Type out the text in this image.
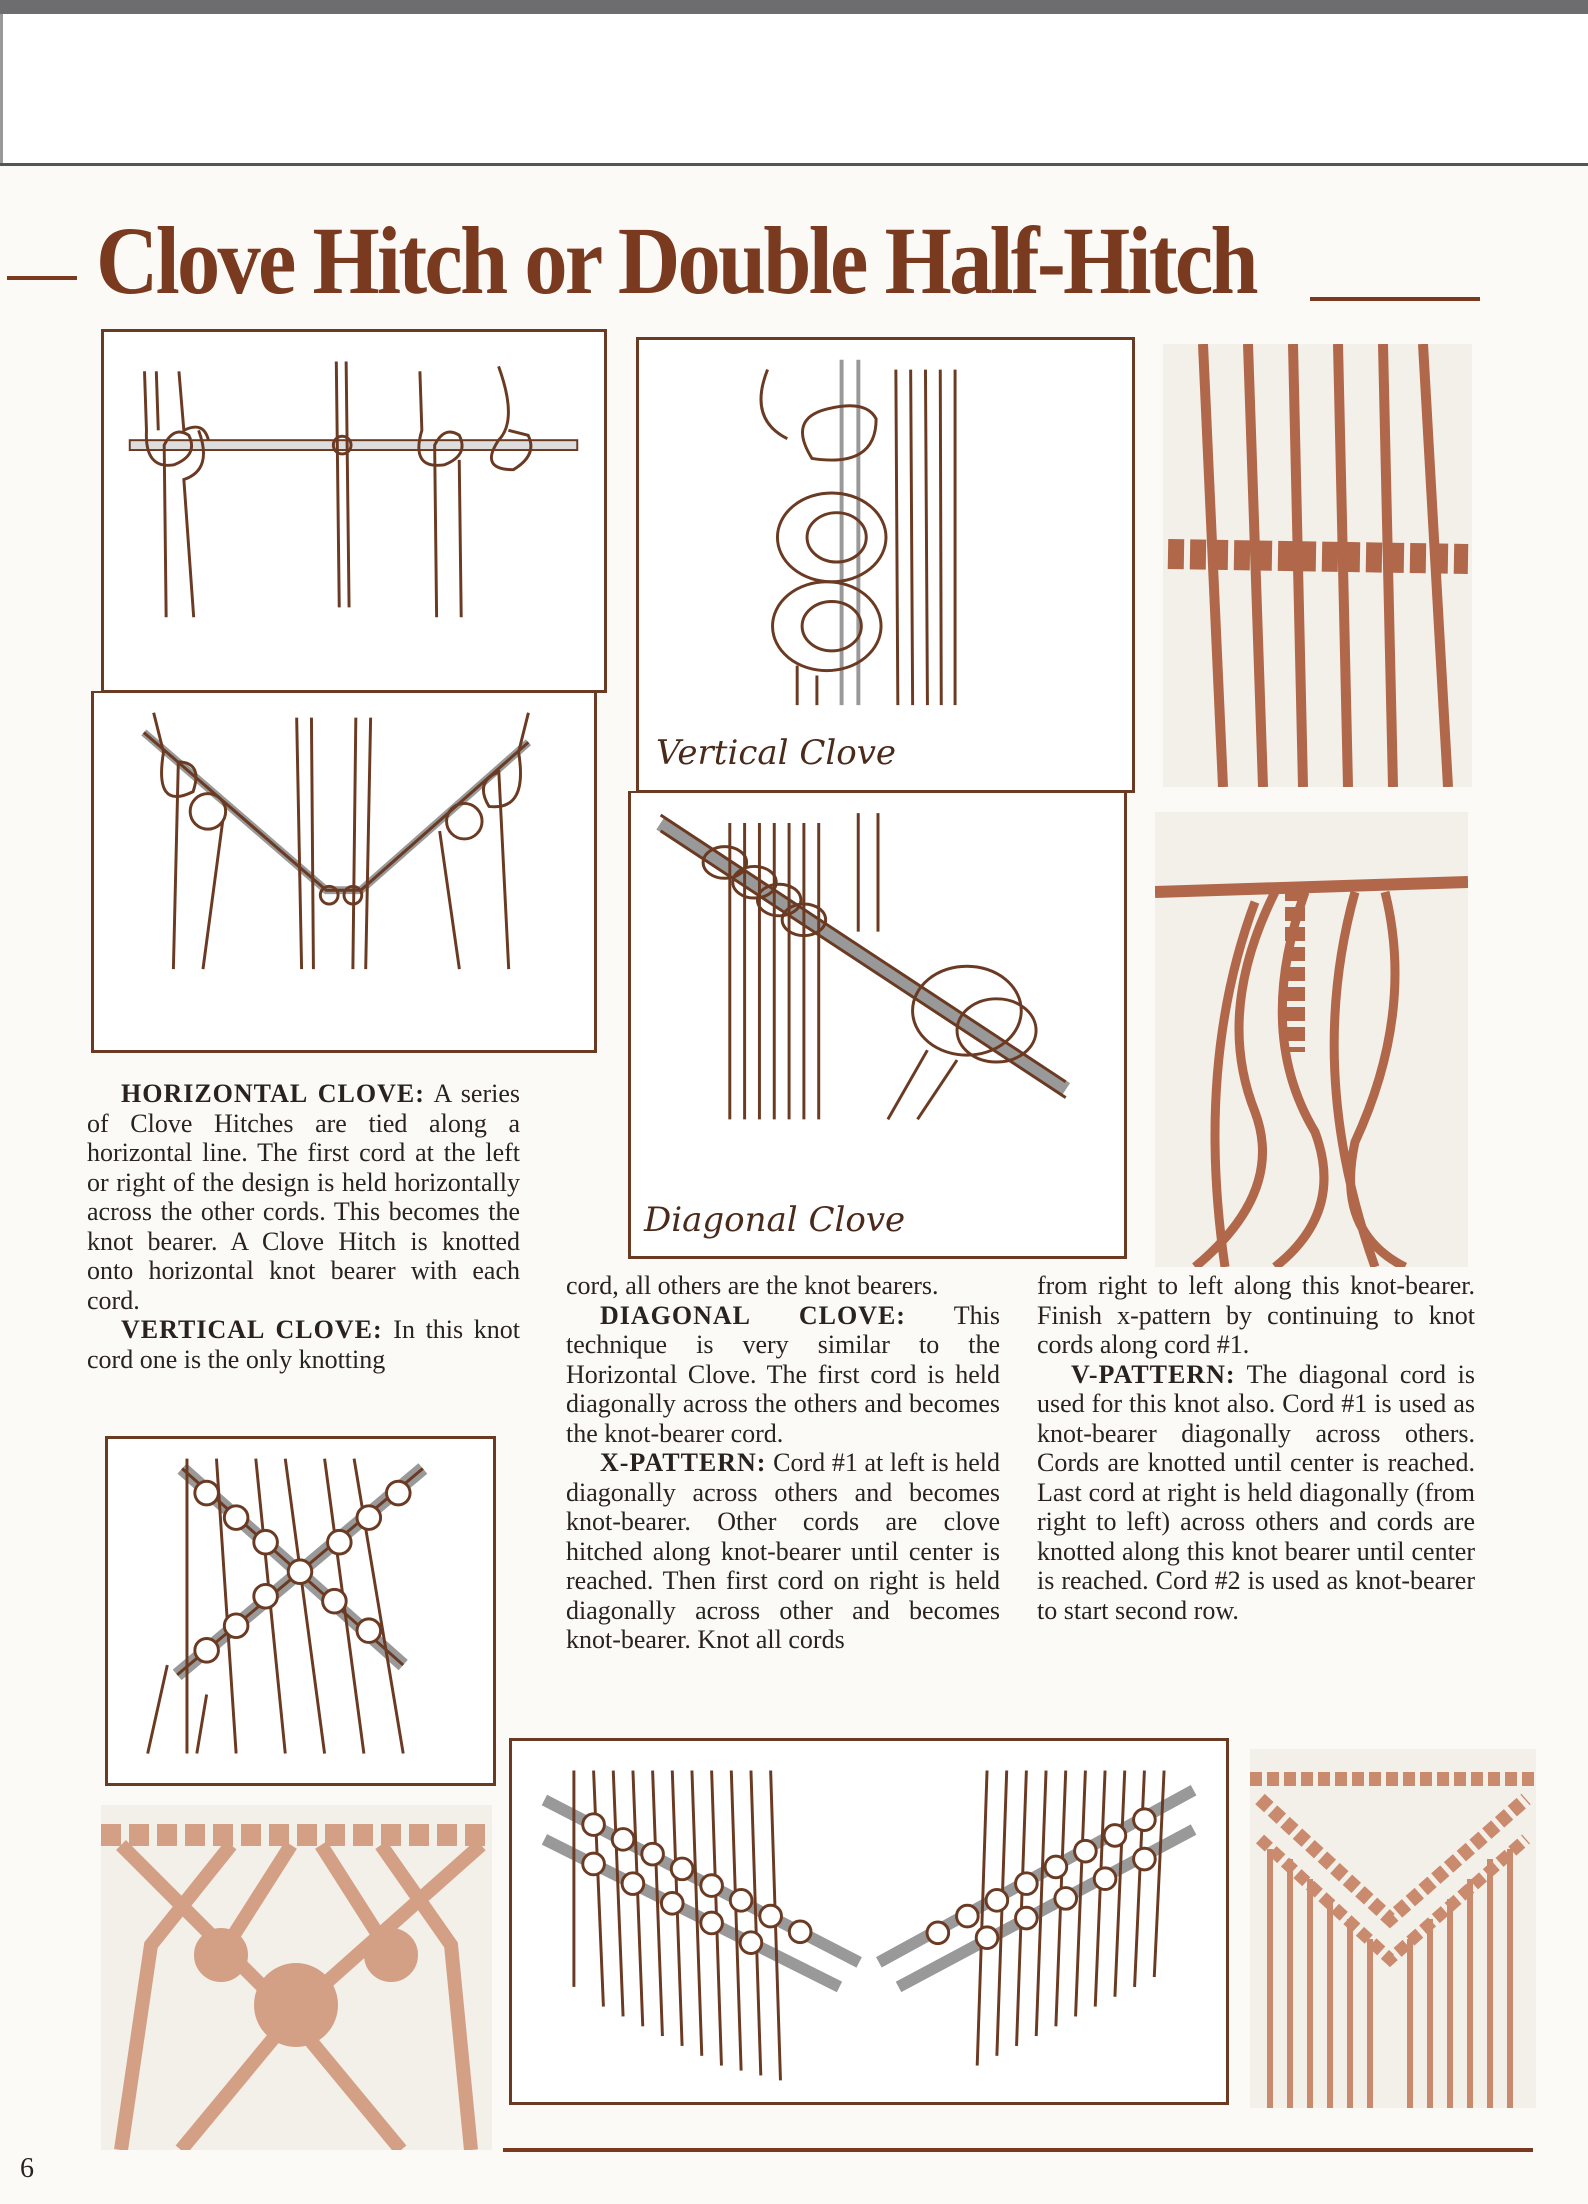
Clove Hitch or Double Half-Hitch
Vertical Clove
Diagonal Clove

HORIZONTAL CLOVE: A series of Clove Hitches are tied along a horizontal line. The first cord at the left or right of the design is held horizontally across the other cords. This becomes the knot bearer. A Clove Hitch is knotted onto horizontal knot bearer with each cord.

VERTICAL CLOVE: In this knot cord one is the only knotting

cord, all others are the knot bearers.

DIAGONAL CLOVE: This technique is very similar to the Horizontal Clove. The first cord is held diagonally across the others and becomes the knot-bearer cord.

X-PATTERN: Cord #1 at left is held diagonally across others and becomes knot-bearer. Other cords are clove hitched along knot-bearer until center is reached. Then first cord on right is held diagonally across other and becomes knot-bearer. Knot all cords

from right to left along this knot-bearer. Finish x-pattern by continuing to knot cords along cord #1.

V-PATTERN: The diagonal cord is used for this knot also. Cord #1 is used as knot-bearer diagonally across others. Cords are knotted until center is reached. Last cord at right is held diagonally (from right to left) across others and cords are knotted along this knot bearer until center is reached. Cord #2 is used as knot-bearer to start second row.

6
